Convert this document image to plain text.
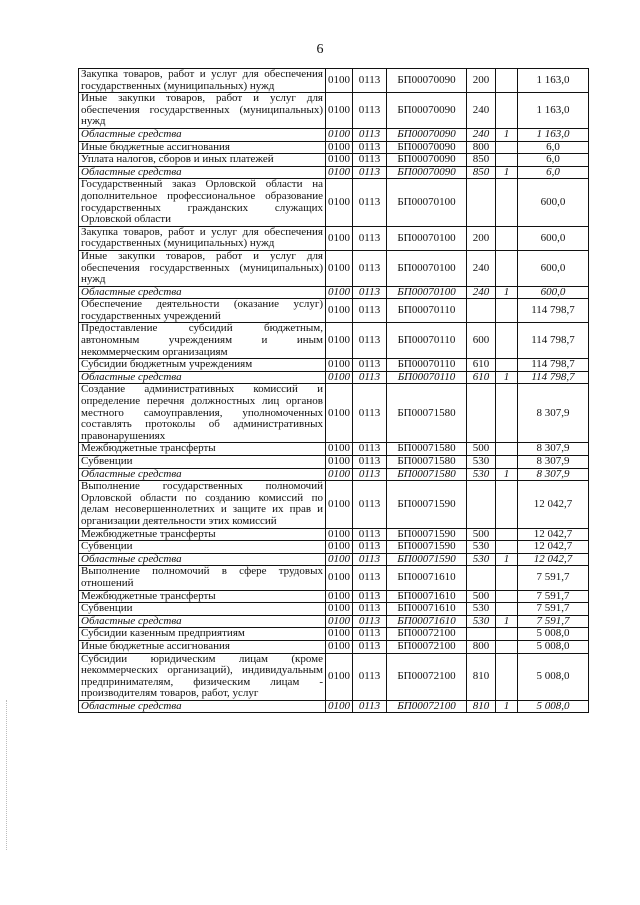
6
Закупка товаров, работ и услуг для обеспечения государственных (муниципальных) нужд	0100	0113	БП00070090	200		1 163,0
Иные закупки товаров, работ и услуг для обеспечения государственных (муниципальных) нужд	0100	0113	БП00070090	240		1 163,0
Областные средства	0100	0113	БП00070090	240	1	1 163,0
Иные бюджетные ассигнования	0100	0113	БП00070090	800		6,0
Уплата налогов, сборов и иных платежей	0100	0113	БП00070090	850		6,0
Областные средства	0100	0113	БП00070090	850	1	6,0
Государственный заказ Орловской области на дополнительное профессиональное образование государственных гражданских служащих Орловской области	0100	0113	БП00070100			600,0
Закупка товаров, работ и услуг для обеспечения государственных (муниципальных) нужд	0100	0113	БП00070100	200		600,0
Иные закупки товаров, работ и услуг для обеспечения государственных (муниципальных) нужд	0100	0113	БП00070100	240		600,0
Областные средства	0100	0113	БП00070100	240	1	600,0
Обеспечение деятельности (оказание услуг) государственных учреждений	0100	0113	БП00070110			114 798,7
Предоставление субсидий бюджетным, автономным учреждениям и иным некоммерческим организациям	0100	0113	БП00070110	600		114 798,7
Субсидии бюджетным учреждениям	0100	0113	БП00070110	610		114 798,7
Областные средства	0100	0113	БП00070110	610	1	114 798,7
Создание административных комиссий и определение перечня должностных лиц органов местного самоуправления, уполномоченных составлять протоколы об административных правонарушениях	0100	0113	БП00071580			8 307,9
Межбюджетные трансферты	0100	0113	БП00071580	500		8 307,9
Субвенции	0100	0113	БП00071580	530		8 307,9
Областные средства	0100	0113	БП00071580	530	1	8 307,9
Выполнение государственных полномочий Орловской области по созданию комиссий по делам несовершеннолетних и защите их прав и организации деятельности этих комиссий	0100	0113	БП00071590			12 042,7
Межбюджетные трансферты	0100	0113	БП00071590	500		12 042,7
Субвенции	0100	0113	БП00071590	530		12 042,7
Областные средства	0100	0113	БП00071590	530	1	12 042,7
Выполнение полномочий в сфере трудовых отношений	0100	0113	БП00071610			7 591,7
Межбюджетные трансферты	0100	0113	БП00071610	500		7 591,7
Субвенции	0100	0113	БП00071610	530		7 591,7
Областные средства	0100	0113	БП00071610	530	1	7 591,7
Субсидии казенным предприятиям	0100	0113	БП00072100			5 008,0
Иные бюджетные ассигнования	0100	0113	БП00072100	800		5 008,0
Субсидии юридическим лицам (кроме некоммерческих организаций), индивидуальным предпринимателям, физическим лицам - производителям товаров, работ, услуг	0100	0113	БП00072100	810		5 008,0
Областные средства	0100	0113	БП00072100	810	1	5 008,0
